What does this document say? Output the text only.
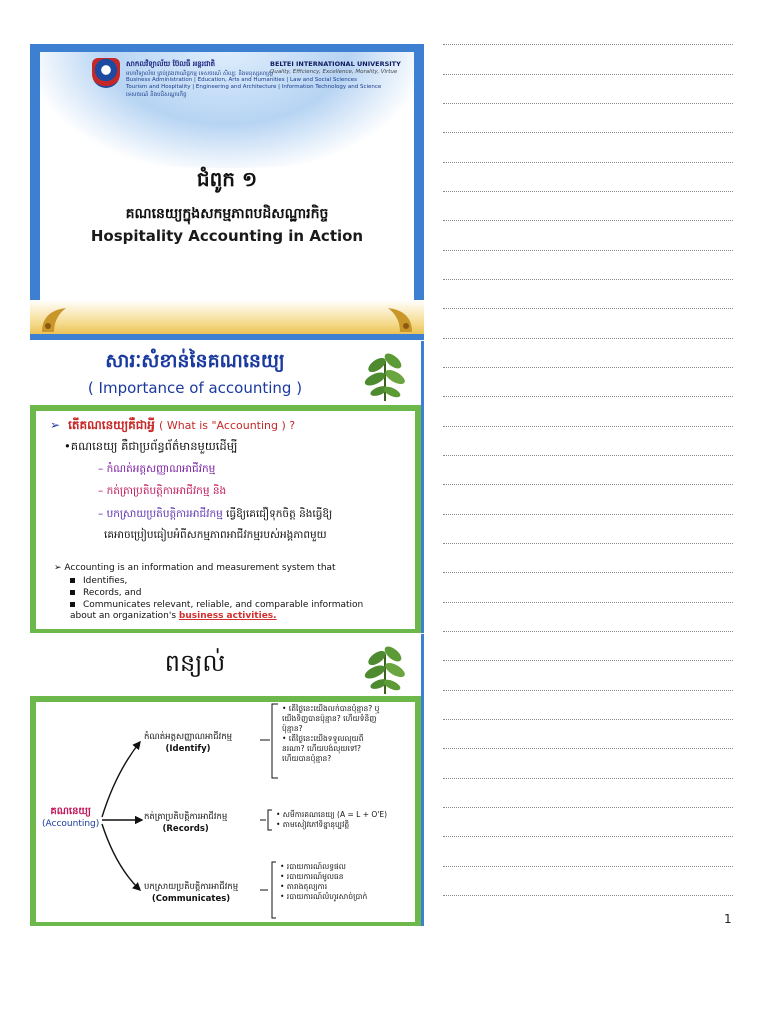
សាកលវិទ្យាល័យ ប៊ែលធី អន្តរជាតិ	BELTEI INTERNATIONAL UNIVERSITY
Quality, Efficiency, Excellence, Morality, Virtue
មហាវិទ្យាល័យ គ្រប់គ្រងពាណិជ្ជកម្ម ទេសចរណ៍ សិល្បៈ និងមនុស្សសាស្ត្រ
Business Administration | Education, Arts and Humanities | Law and Social Sciences
Tourism and Hospitality | Engineering and Architecture | Information Technology and Science
ទេសចរណ៍ និងបដិសណ្ឋារកិច្ច
ជំពូក ១
គណនេយ្យក្នុងសកម្មភាពបដិសណ្ឋារកិច្ច
Hospitality Accounting in Action
សារៈសំខាន់នៃគណនេយ្យ
( Importance of accounting )
➢ តើគណនេយ្យគឺជាអ្វី ( What is "Accounting ) ?
•គណនេយ្យ គឺជាប្រព័ន្ធព័ត៌មានមួយដើម្បី
– កំណត់អត្តសញ្ញាណអាជីវកម្ម
– កត់ត្រាប្រតិបត្តិការអាជីវកម្ម និង
– បកស្រាយប្រតិបត្តិការអាជីវកម្ម ធ្វើឱ្យគេជឿទុកចិត្ត និងធ្វើឱ្យ
គេអាចប្រៀបធៀបអំពីសកម្មភាពអាជីវកម្មរបស់អង្គភាពមួយ
➢ Accounting is an information and measurement system that
Identifies,
Records, and
Communicates relevant, reliable, and comparable information
about an organization's business activities.
ពន្យល់
គណនេយ្យ
(Accounting)
កំណត់អត្តសញ្ញាណអាជីវកម្ម
(Identify)
កត់ត្រាប្រតិបត្តិការអាជីវកម្ម
(Records)
បកស្រាយប្រតិបត្តិការអាជីវកម្ម
(Communicates)
• តើថ្ងៃនេះយើងលក់បានប៉ុន្មាន? ឬ
យើងទិញបានប៉ុន្មាន? ហើយទំនិញ
ប៉ុន្មាន?
• តើថ្ងៃនេះយើងទទួលលុយពី
នរណា? ហើយបង់លុយទៅ?
ហើយបានប៉ុន្មាន?
• សមីការគណនេយ្យ (A = L + O'E)
• តាមសៀវភៅទិន្នានុប្បវត្តិ
• របាយការណ៍លទ្ធផល
• របាយការណ៍មូលធន
• តារាងតុល្យការ
• របាយការណ៍លំហូរសាច់ប្រាក់
1
